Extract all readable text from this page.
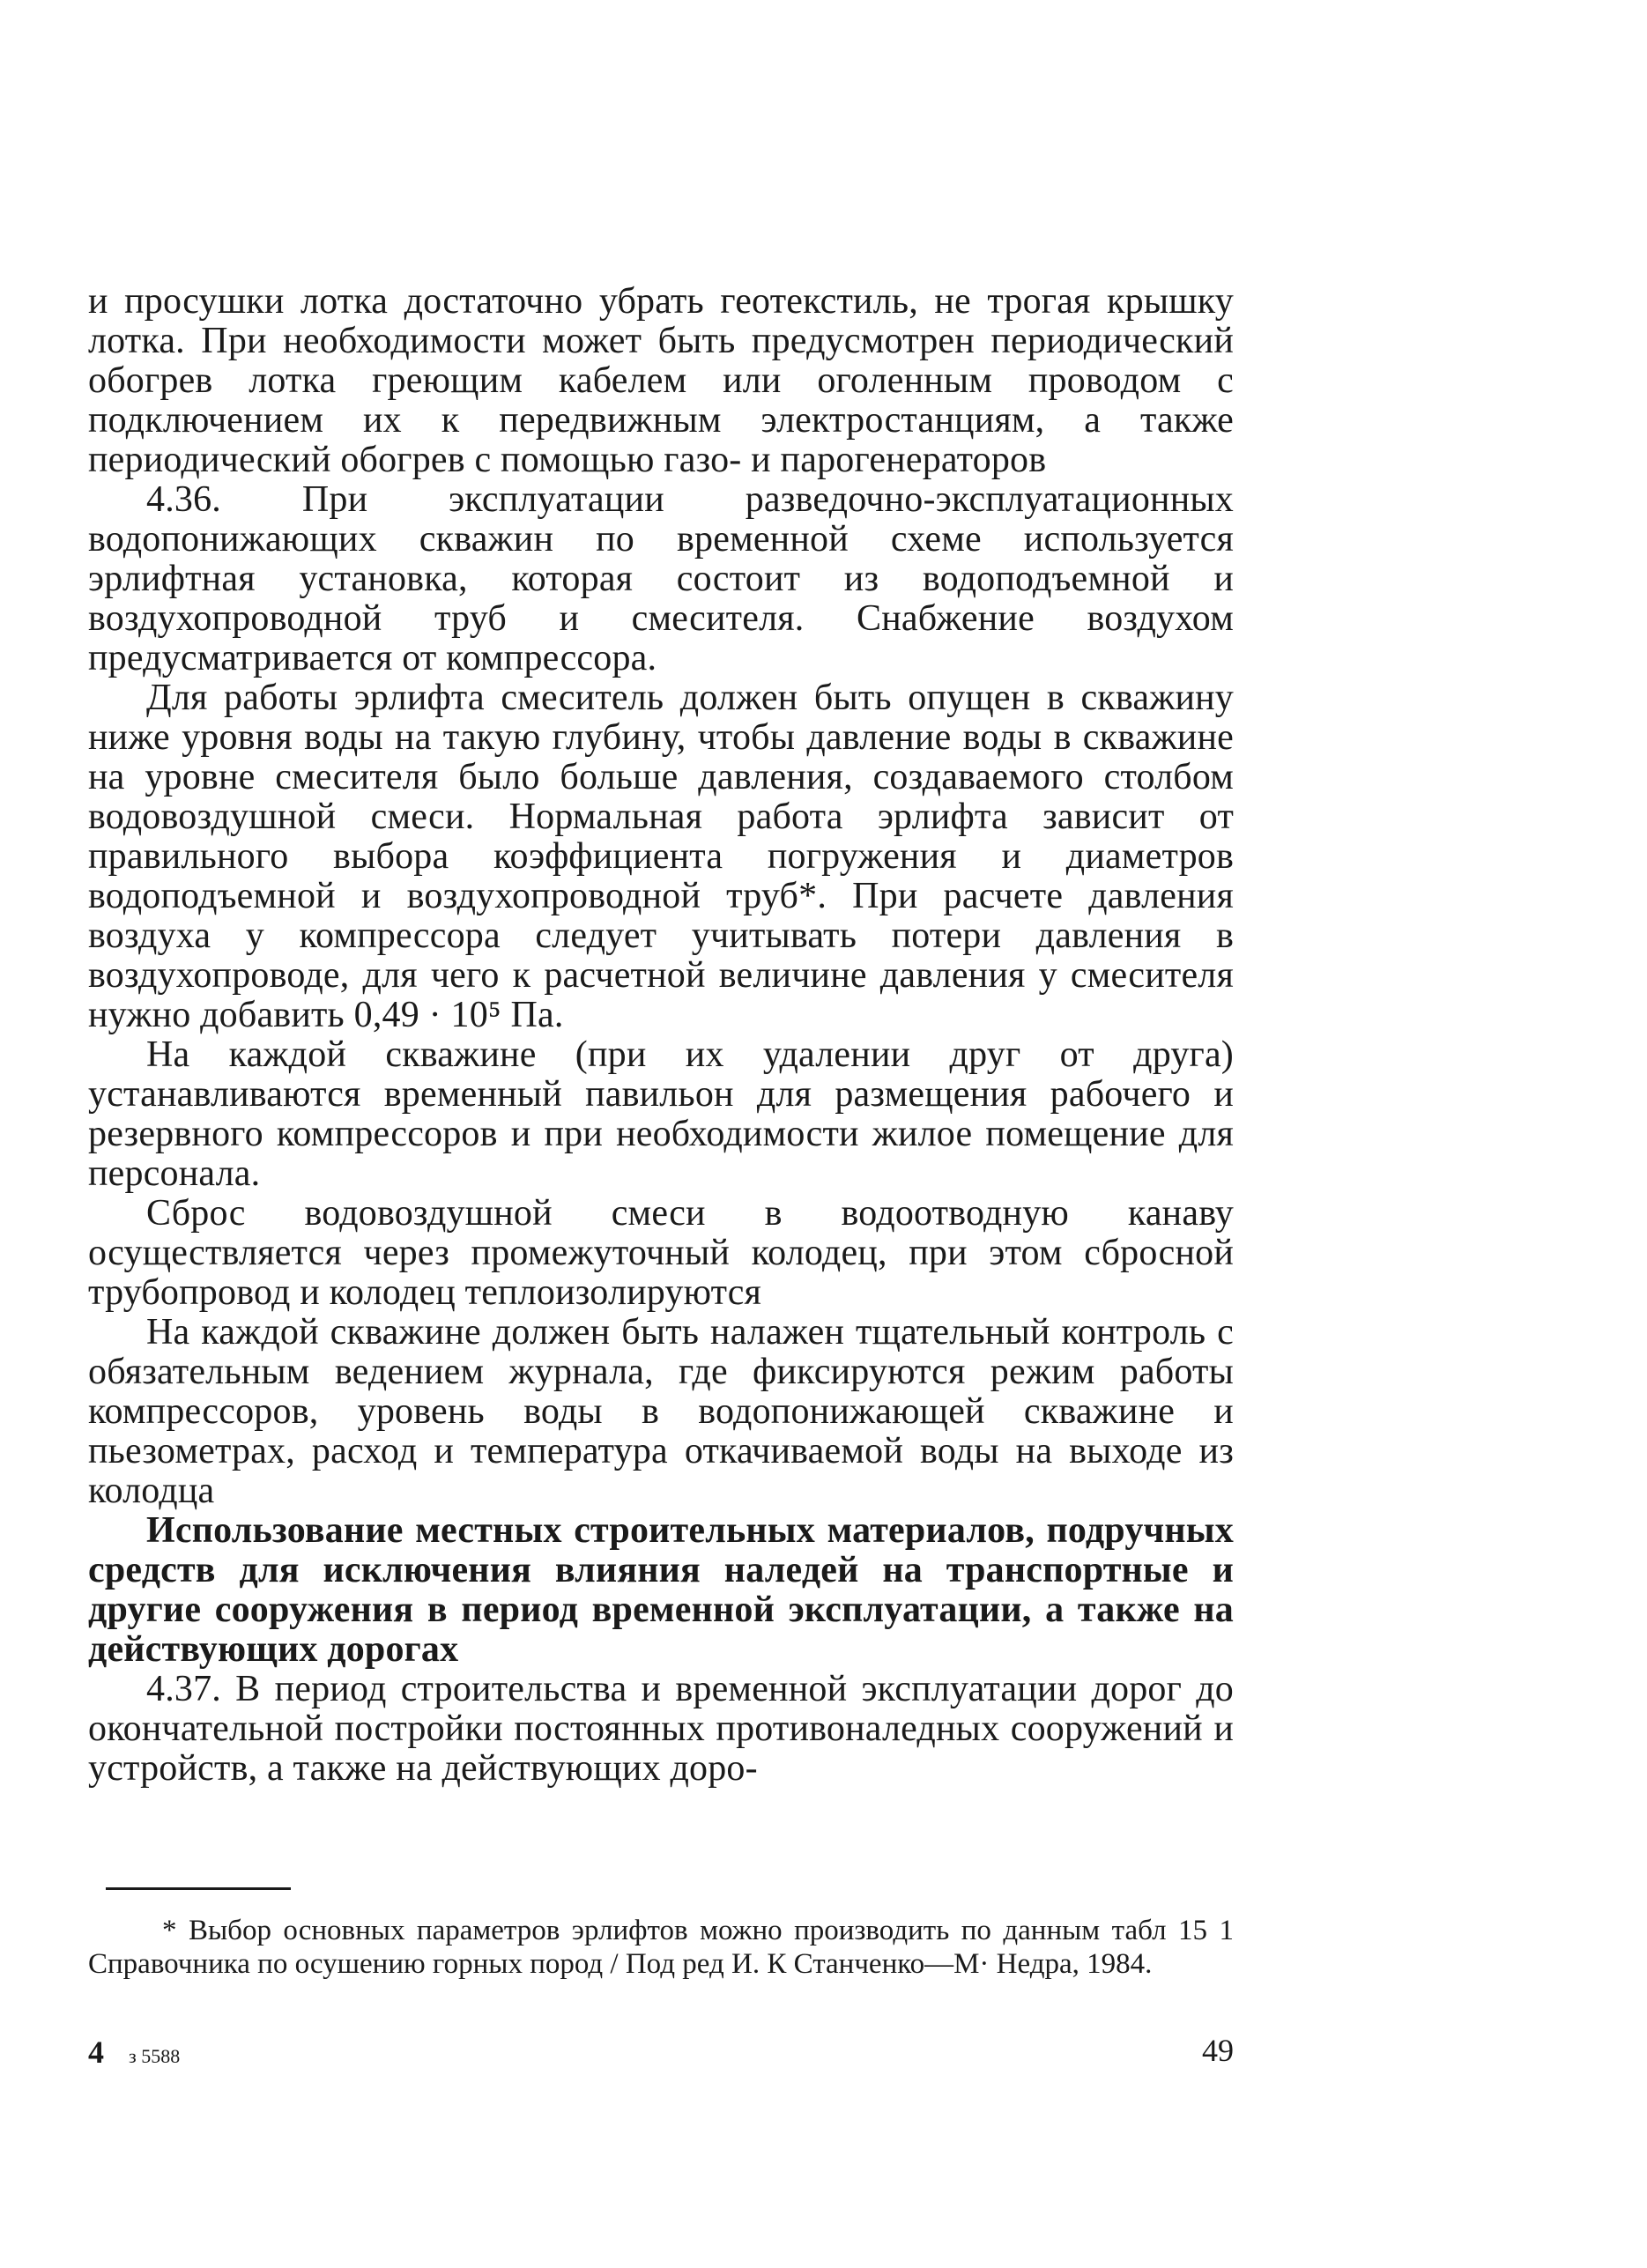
и просушки лотка достаточно убрать геотекстиль, не трогая крышку лотка. При необходимости может быть предусмотрен периодический обогрев лотка греющим кабелем или оголенным проводом с подключением их к передвижным электростанциям, а также периодический обогрев с помощью газо- и парогенераторов

4.36. При эксплуатации разведочно-эксплуатационных водопонижающих скважин по временной схеме используется эрлифтная установка, которая состоит из водоподъемной и воздухопроводной труб и смесителя. Снабжение воздухом предусматривается от компрессора.

Для работы эрлифта смеситель должен быть опущен в скважину ниже уровня воды на такую глубину, чтобы давление воды в скважине на уровне смесителя было больше давления, создаваемого столбом водовоздушной смеси. Нормальная работа эрлифта зависит от правильного выбора коэффициента погружения и диаметров водоподъемной и воздухопроводной труб*. При расчете давления воздуха у компрессора следует учитывать потери давления в воздухопроводе, для чего к расчетной величине давления у смесителя нужно добавить 0,49 · 10⁵ Па.

На каждой скважине (при их удалении друг от друга) устанавливаются временный павильон для размещения рабочего и резервного компрессоров и при необходимости жилое помещение для персонала.

Сброс водовоздушной смеси в водоотводную канаву осуществляется через промежуточный колодец, при этом сбросной трубопровод и колодец теплоизолируются

На каждой скважине должен быть налажен тщательный контроль с обязательным ведением журнала, где фиксируются режим работы компрессоров, уровень воды в водопонижающей скважине и пьезометрах, расход и температура откачиваемой воды на выходе из колодца

Использование местных строительных материалов, подручных средств для исключения влияния наледей на транспортные и другие сооружения в период временной эксплуатации, а также на действующих дорогах

4.37. В период строительства и временной эксплуатации дорог до окончательной постройки постоянных противоналедных сооружений и устройств, а также на действующих доро-

* Выбор основных параметров эрлифтов можно производить по данным табл 15 1 Справочника по осушению горных пород / Под ред И. К Станченко—М· Недра, 1984.

4 з 5588	49
